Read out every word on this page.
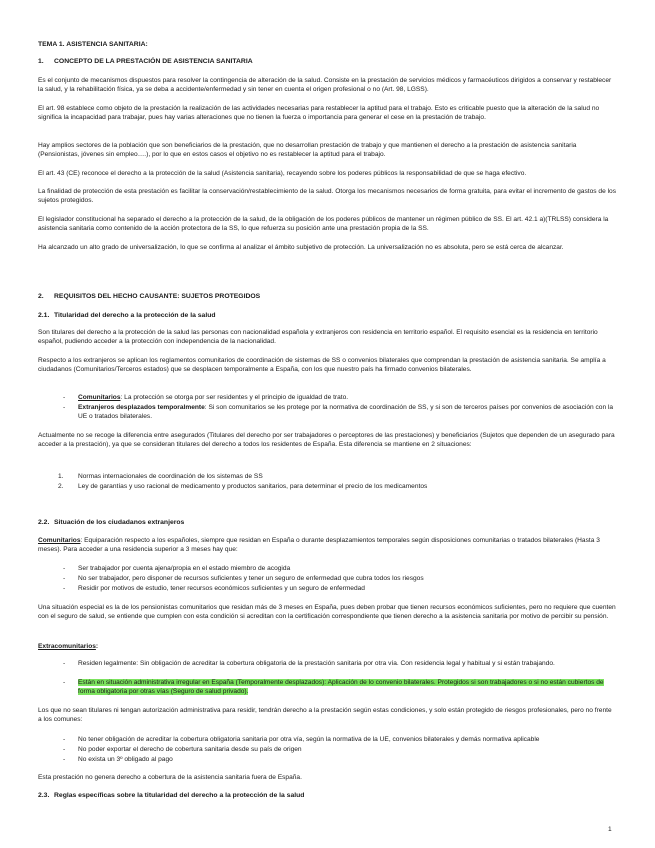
TEMA 1. ASISTENCIA SANITARIA:
1. CONCEPTO DE LA PRESTACIÓN DE ASISTENCIA SANITARIA

Es el conjunto de mecanismos dispuestos para resolver la contingencia de alteración de la salud. Consiste en la prestación de servicios médicos y farmacéuticos dirigidos a conservar y restablecer la salud, y la rehabilitación física, ya se deba a accidente/enfermedad y sin tener en cuenta el origen profesional o no (Art. 98, LGSS).

El art. 98 establece como objeto de la prestación la realización de las actividades necesarias para restablecer la aptitud para el trabajo. Esto es criticable puesto que la alteración de la salud no significa la incapacidad para trabajar, pues hay varias alteraciones que no tienen la fuerza o importancia para generar el cese en la prestación de trabajo.

Hay amplios sectores de la población que son beneficiarios de la prestación, que no desarrollan prestación de trabajo y que mantienen el derecho a la prestación de asistencia sanitaria (Pensionistas, jóvenes sin empleo….), por lo que en estos casos el objetivo no es restablecer la aptitud para el trabajo.

El art. 43 (CE) reconoce el derecho a la protección de la salud (Asistencia sanitaria), recayendo sobre los poderes públicos la responsabilidad de que se haga efectivo.

La finalidad de protección de esta prestación es facilitar la conservación/restablecimiento de la salud. Otorga los mecanismos necesarios de forma gratuita, para evitar el incremento de gastos de los sujetos protegidos.

El legislador constitucional ha separado el derecho a la protección de la salud, de la obligación de los poderes públicos de mantener un régimen público de SS. El art. 42.1 a)(TRLSS) considera la asistencia sanitaria como contenido de la acción protectora de la SS, lo que refuerza su posición ante una prestación propia de la SS.

Ha alcanzado un alto grado de universalización, lo que se confirma al analizar el ámbito subjetivo de protección. La universalización no es absoluta, pero se está cerca de alcanzar.

2. REQUISITOS DEL HECHO CAUSANTE: SUJETOS PROTEGIDOS
2.1. Titularidad del derecho a la protección de la salud

Son titulares del derecho a la protección de la salud las personas con nacionalidad española y extranjeros con residencia en territorio español. El requisito esencial es la residencia en territorio español, pudiendo acceder a la protección con independencia de la nacionalidad.

Respecto a los extranjeros se aplican los reglamentos comunitarios de coordinación de sistemas de SS o convenios bilaterales que comprendan la prestación de asistencia sanitaria. Se amplía a ciudadanos (Comunitarios/Terceros estados) que se desplacen temporalmente a España, con los que nuestro país ha firmado convenios bilaterales.

- Comunitarios: La protección se otorga por ser residentes y el principio de igualdad de trato.
- Extranjeros desplazados temporalmente: Si son comunitarios se les protege por la normativa de coordinación de SS, y si son de terceros países por convenios de asociación con la UE o tratados bilaterales.

Actualmente no se recoge la diferencia entre asegurados (Titulares del derecho por ser trabajadores o perceptores de las prestaciones) y beneficiarios (Sujetos que dependen de un asegurado para acceder a la prestación), ya que se consideran titulares del derecho a todos los residentes de España. Esta diferencia se mantiene en 2 situaciones:

1. Normas internacionales de coordinación de los sistemas de SS
2. Ley de garantías y uso racional de medicamento y productos sanitarios, para determinar el precio de los medicamentos
2.2. Situación de los ciudadanos extranjeros

Comunitarios: Equiparación respecto a los españoles, siempre que residan en España o durante desplazamientos temporales según disposiciones comunitarias o tratados bilaterales (Hasta 3 meses). Para acceder a una residencia superior a 3 meses hay que:

- Ser trabajador por cuenta ajena/propia en el estado miembro de acogida
- No ser trabajador, pero disponer de recursos suficientes y tener un seguro de enfermedad que cubra todos los riesgos
- Residir por motivos de estudio, tener recursos económicos suficientes y un seguro de enfermedad

Una situación especial es la de los pensionistas comunitarios que residan más de 3 meses en España, pues deben probar que tienen recursos económicos suficientes, pero no requiere que cuenten con el seguro de salud, se entiende que cumplen con esta condición si acreditan con la certificación correspondiente que tienen derecho a la asistencia sanitaria por motivo de percibir su pensión.

Extracomunitarios:
- Residen legalmente: Sin obligación de acreditar la cobertura obligatoria de la prestación sanitaria por otra vía. Con residencia legal y habitual y si están trabajando.
- Están en situación administrativa irregular en España (Temporalmente desplazados): Aplicación de lo convenio bilaterales. Protegidos si son trabajadores o si no están cubiertos de forma obligatoria por otras vías (Seguro de salud privado).

Los que no sean titulares ni tengan autorización administrativa para residir, tendrán derecho a la prestación según estas condiciones, y solo están protegido de riesgos profesionales, pero no frente a los comunes:

- No tener obligación de acreditar la cobertura obligatoria sanitaria por otra vía, según la normativa de la UE, convenios bilaterales y demás normativa aplicable
- No poder exportar el derecho de cobertura sanitaria desde su país de origen
- No exista un 3º obligado al pago

Esta prestación no genera derecho a cobertura de la asistencia sanitaria fuera de España.

2.3. Reglas específicas sobre la titularidad del derecho a la protección de la salud
1
